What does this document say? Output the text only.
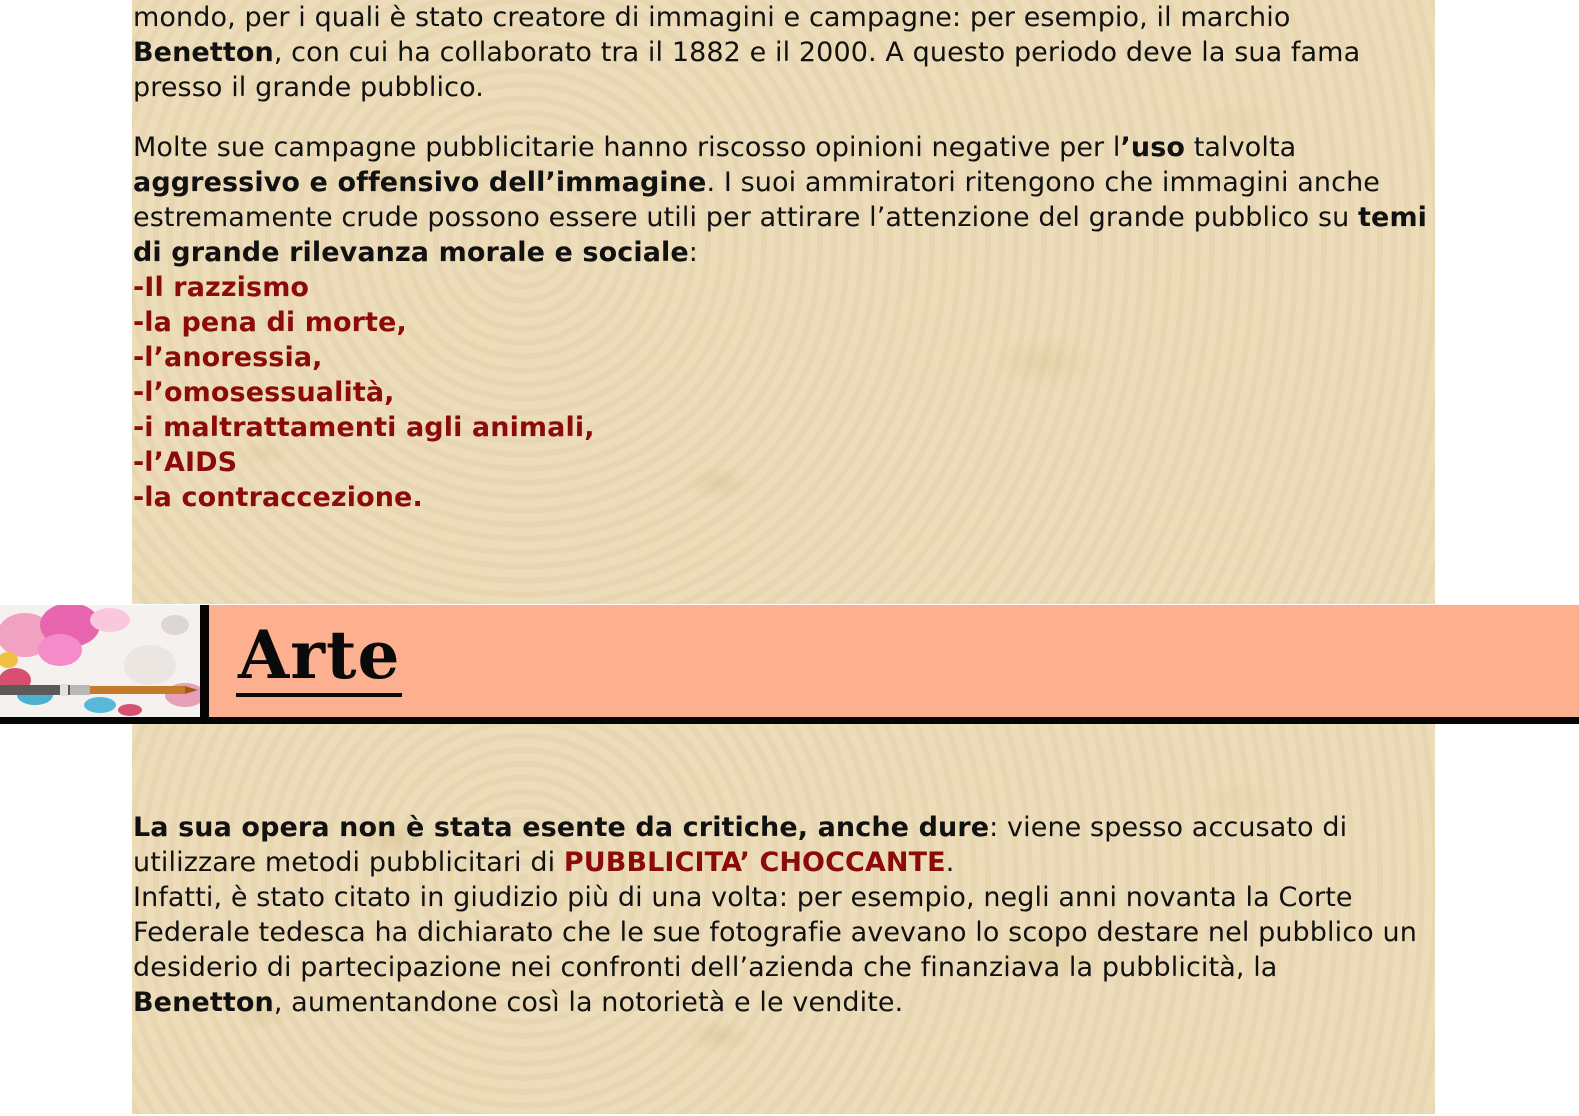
mondo, per i quali è stato creatore di immagini e campagne: per esempio, il marchio Benetton, con cui ha collaborato tra il 1882 e il 2000. A questo periodo deve la sua fama presso il grande pubblico.

Molte sue campagne pubblicitarie hanno riscosso opinioni negative per l’uso talvolta aggressivo e offensivo dell’immagine. I suoi ammiratori ritengono che immagini anche estremamente crude possono essere utili per attirare l’attenzione del grande pubblico su temi di grande rilevanza morale e sociale:

-Il razzismo
-la pena di morte,
-l’anoressia,
-l’omosessualità,
-i maltrattamenti agli animali,
-l’AIDS
-la contraccezione.
Arte

La sua opera non è stata esente da critiche, anche dure: viene spesso accusato di utilizzare metodi pubblicitari di PUBBLICITA’ CHOCCANTE.

Infatti, è stato citato in giudizio più di una volta: per esempio, negli anni novanta la Corte Federale tedesca ha dichiarato che le sue fotografie avevano lo scopo destare nel pubblico un desiderio di partecipazione nei confronti dell’azienda che finanziava la pubblicità, la Benetton, aumentandone così la notorietà e le vendite.
